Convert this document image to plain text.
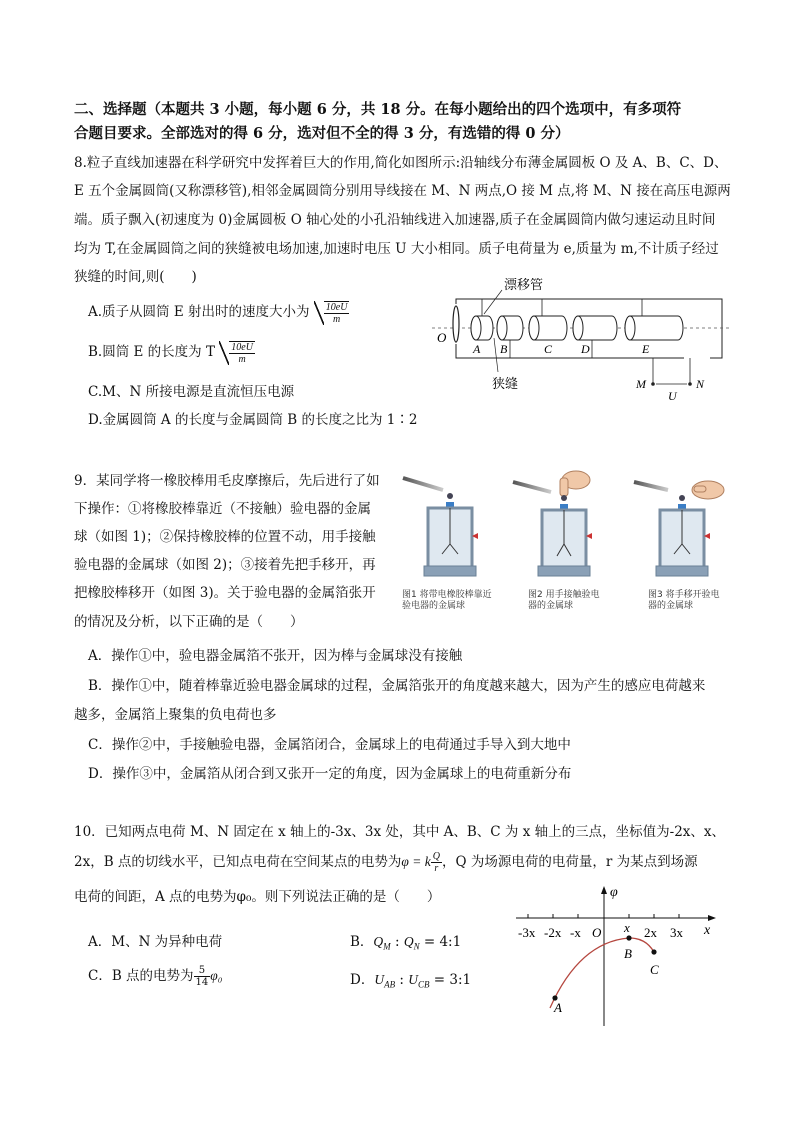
二、选择题（本题共 3 小题，每小题 6 分，共 18 分。在每小题给出的四个选项中，有多项符
合题目要求。全部选对的得 6 分，选对但不全的得 3 分，有选错的得 0 分）
8.粒子直线加速器在科学研究中发挥着巨大的作用,简化如图所示:沿轴线分布薄金属圆板 O 及 A、B、C、D、
E 五个金属圆筒(又称漂移管),相邻金属圆筒分别用导线接在 M、N 两点,O 接 M 点,将 M、N 接在高压电源两
端。质子飘入(初速度为 0)金属圆板 O 轴心处的小孔沿轴线进入加速器,质子在金属圆筒内做匀速运动且时间
均为 T,在金属圆筒之间的狭缝被电场加速,加速时电压 U 大小相同。质子电荷量为 e,质量为 m,不计质子经过
狭缝的时间,则(　　)
A.质子从圆筒 E 射出时的速度大小为 $\frac{10eU}{m}$
B.圆筒 E 的长度为 T $\frac{10eU}{m}$
C.M、N 所接电源是直流恒压电源
D.金属圆筒 A 的长度与金属圆筒 B 的长度之比为 1∶2
漂移管
狭缝
O
A B	C D	E
M	N
U
9．某同学将一橡胶棒用毛皮摩擦后，先后进行了如
下操作：①将橡胶棒靠近（不接触）验电器的金属
球（如图 1)；②保持橡胶棒的位置不动，用手接触
验电器的金属球（如图 2)；③接着先把手移开，再
把橡胶棒移开（如图 3)。关于验电器的金属箔张开
的情况及分析，以下正确的是（　　）
图1 将带电橡胶棒靠近
验电器的金属球
图2 用手接触验电
器的金属球
图3 将手移开验电
器的金属球
A．操作①中，验电器金属箔不张开，因为棒与金属球没有接触
B．操作①中，随着棒靠近验电器金属球的过程，金属箔张开的角度越来越大，因为产生的感应电荷越来
越多，金属箔上聚集的负电荷也多
C．操作②中，手接触验电器，金属箔闭合，金属球上的电荷通过手导入到大地中
D．操作③中，金属箔从闭合到又张开一定的角度，因为金属球上的电荷重新分布
10．已知两点电荷 M、N 固定在 x 轴上的-3x、3x 处，其中 A、B、C 为 x 轴上的三点，坐标值为-2x、x、
2x，B 点的切线水平，已知点电荷在空间某点的电势为φ = k $\frac{Q}{r}$ ，Q 为场源电荷的电荷量，r 为某点到场源
电荷的间距，A 点的电势为φ₀。则下列说法正确的是（　　）
A．M、N 为异种电荷	B．$Q_M$ : $Q_N$ = 4:1
C．B 点的电势为 $\frac{5}{14} \varphi_0$	D．$U_{AB}$ : $U_{CB}$ = 3:1
φ
x
O
-3x -2x -x	x 2x 3x
A
B
C
